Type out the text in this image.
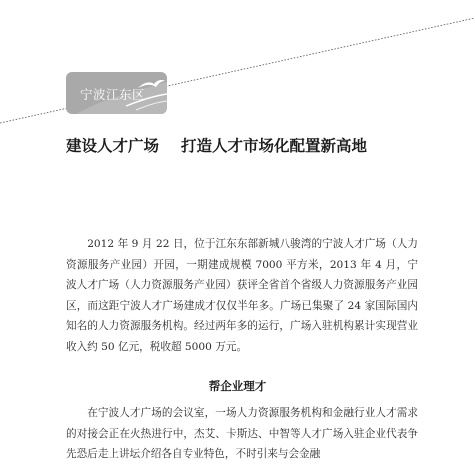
宁波江东区
建设人才广场 打造人才市场化配置新高地

2012 年 9 月 22 日，位于江东东部新城八骏湾的宁波人才广场（人力资源服务产业园）开园，一期建成规模 7000 平方米，2013 年 4 月，宁波人才广场（人力资源服务产业园）获评全省首个省级人力资源服务产业园区，而这距宁波人才广场建成才仅仅半年多。广场已集聚了 24 家国际国内知名的人力资源服务机构。经过两年多的运行，广场入驻机构累计实现营业收入约 50 亿元，税收超 5000 万元。

帮企业理才

在宁波人才广场的会议室，一场人力资源服务机构和金融行业人才需求的对接会正在火热进行中，杰艾、卡斯达、中智等人才广场入驻企业代表争先恐后走上讲坛介绍各自专业特色，不时引来与会金融
